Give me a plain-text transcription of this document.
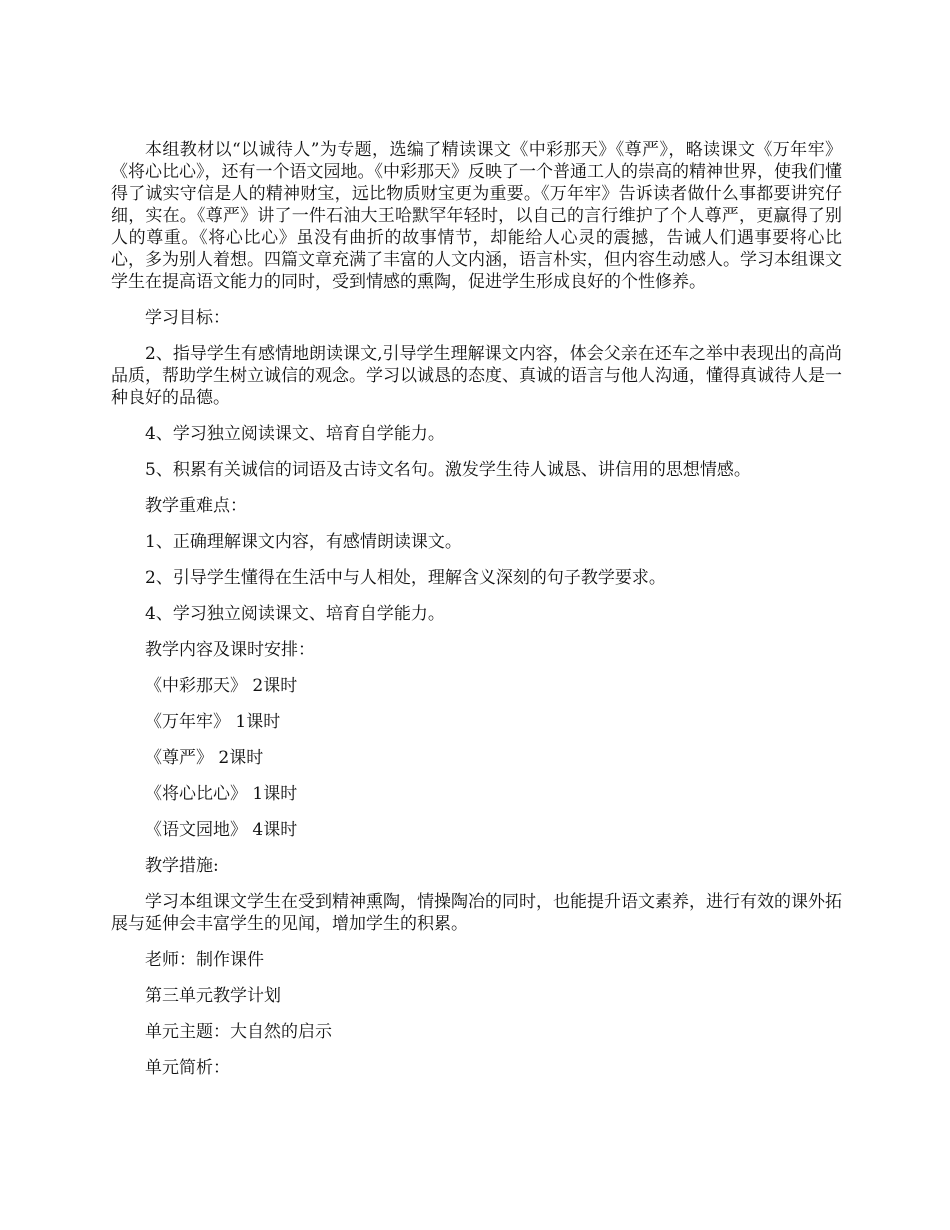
本组教材以“以诚待人”为专题，选编了精读课文《中彩那天》《尊严》，略读课文《万年牢》《将心比心》，还有一个语文园地。《中彩那天》反映了一个普通工人的崇高的精神世界，使我们懂得了诚实守信是人的精神财宝，远比物质财宝更为重要。《万年牢》告诉读者做什么事都要讲究仔细，实在。《尊严》讲了一件石油大王哈默罕年轻时，以自己的言行维护了个人尊严，更赢得了别人的尊重。《将心比心》虽没有曲折的故事情节，却能给人心灵的震撼，告诫人们遇事要将心比心，多为别人着想。四篇文章充满了丰富的人文内涵，语言朴实，但内容生动感人。学习本组课文学生在提高语文能力的同时，受到情感的熏陶，促进学生形成良好的个性修养。

学习目标：

2、指导学生有感情地朗读课文,引导学生理解课文内容，体会父亲在还车之举中表现出的高尚品质，帮助学生树立诚信的观念。学习以诚恳的态度、真诚的语言与他人沟通，懂得真诚待人是一种良好的品德。

4、学习独立阅读课文、培育自学能力。

5、积累有关诚信的词语及古诗文名句。激发学生待人诚恳、讲信用的思想情感。

教学重难点：

1、正确理解课文内容，有感情朗读课文。

2、引导学生懂得在生活中与人相处，理解含义深刻的句子教学要求。

4、学习独立阅读课文、培育自学能力。

教学内容及课时安排：

《中彩那天》 2课时

《万年牢》 1课时

《尊严》 2课时

《将心比心》 1课时

《语文园地》 4课时

教学措施:

学习本组课文学生在受到精神熏陶，情操陶冶的同时，也能提升语文素养，进行有效的课外拓展与延伸会丰富学生的见闻，增加学生的积累。

老师：制作课件

第三单元教学计划

单元主题：大自然的启示

单元简析：
